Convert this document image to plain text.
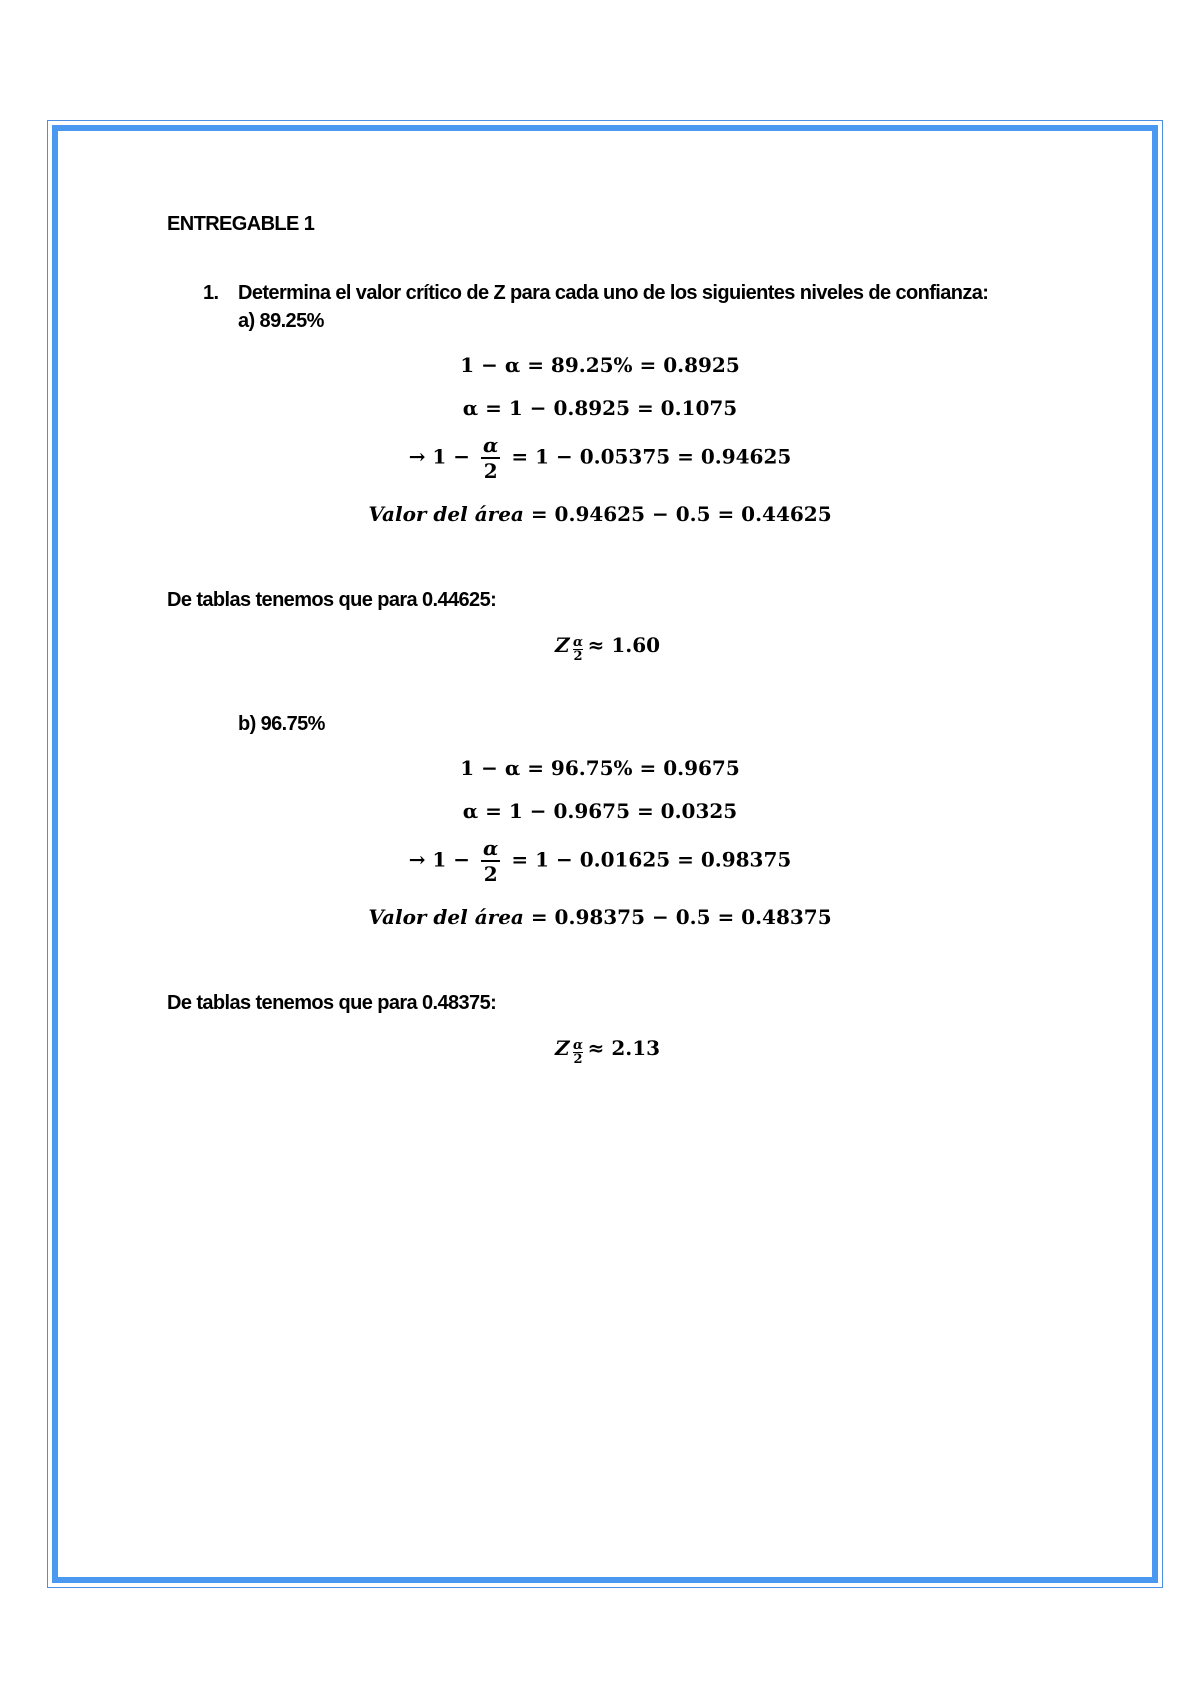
ENTREGABLE 1
1. Determina el valor crítico de Z para cada uno de los siguientes niveles de confianza:
a) 89.25%
1 − α = 89.25% = 0.8925
α = 1 − 0.8925 = 0.1075
→ $1 - \frac{\alpha}{2} = 1 - 0.05375 = 0.94625$
Valor del área = 0.94625 − 0.5 = 0.44625
De tablas tenemos que para 0.44625:
Z α
2 ≈ 1.60
b) 96.75%
1 − α = 96.75% = 0.9675
α = 1 − 0.9675 = 0.0325
→ $1 - \frac{\alpha}{2} = 1 - 0.01625 = 0.98375$
Valor del área = 0.98375 − 0.5 = 0.48375
De tablas tenemos que para 0.48375:
Z α
2 ≈ 2.13
